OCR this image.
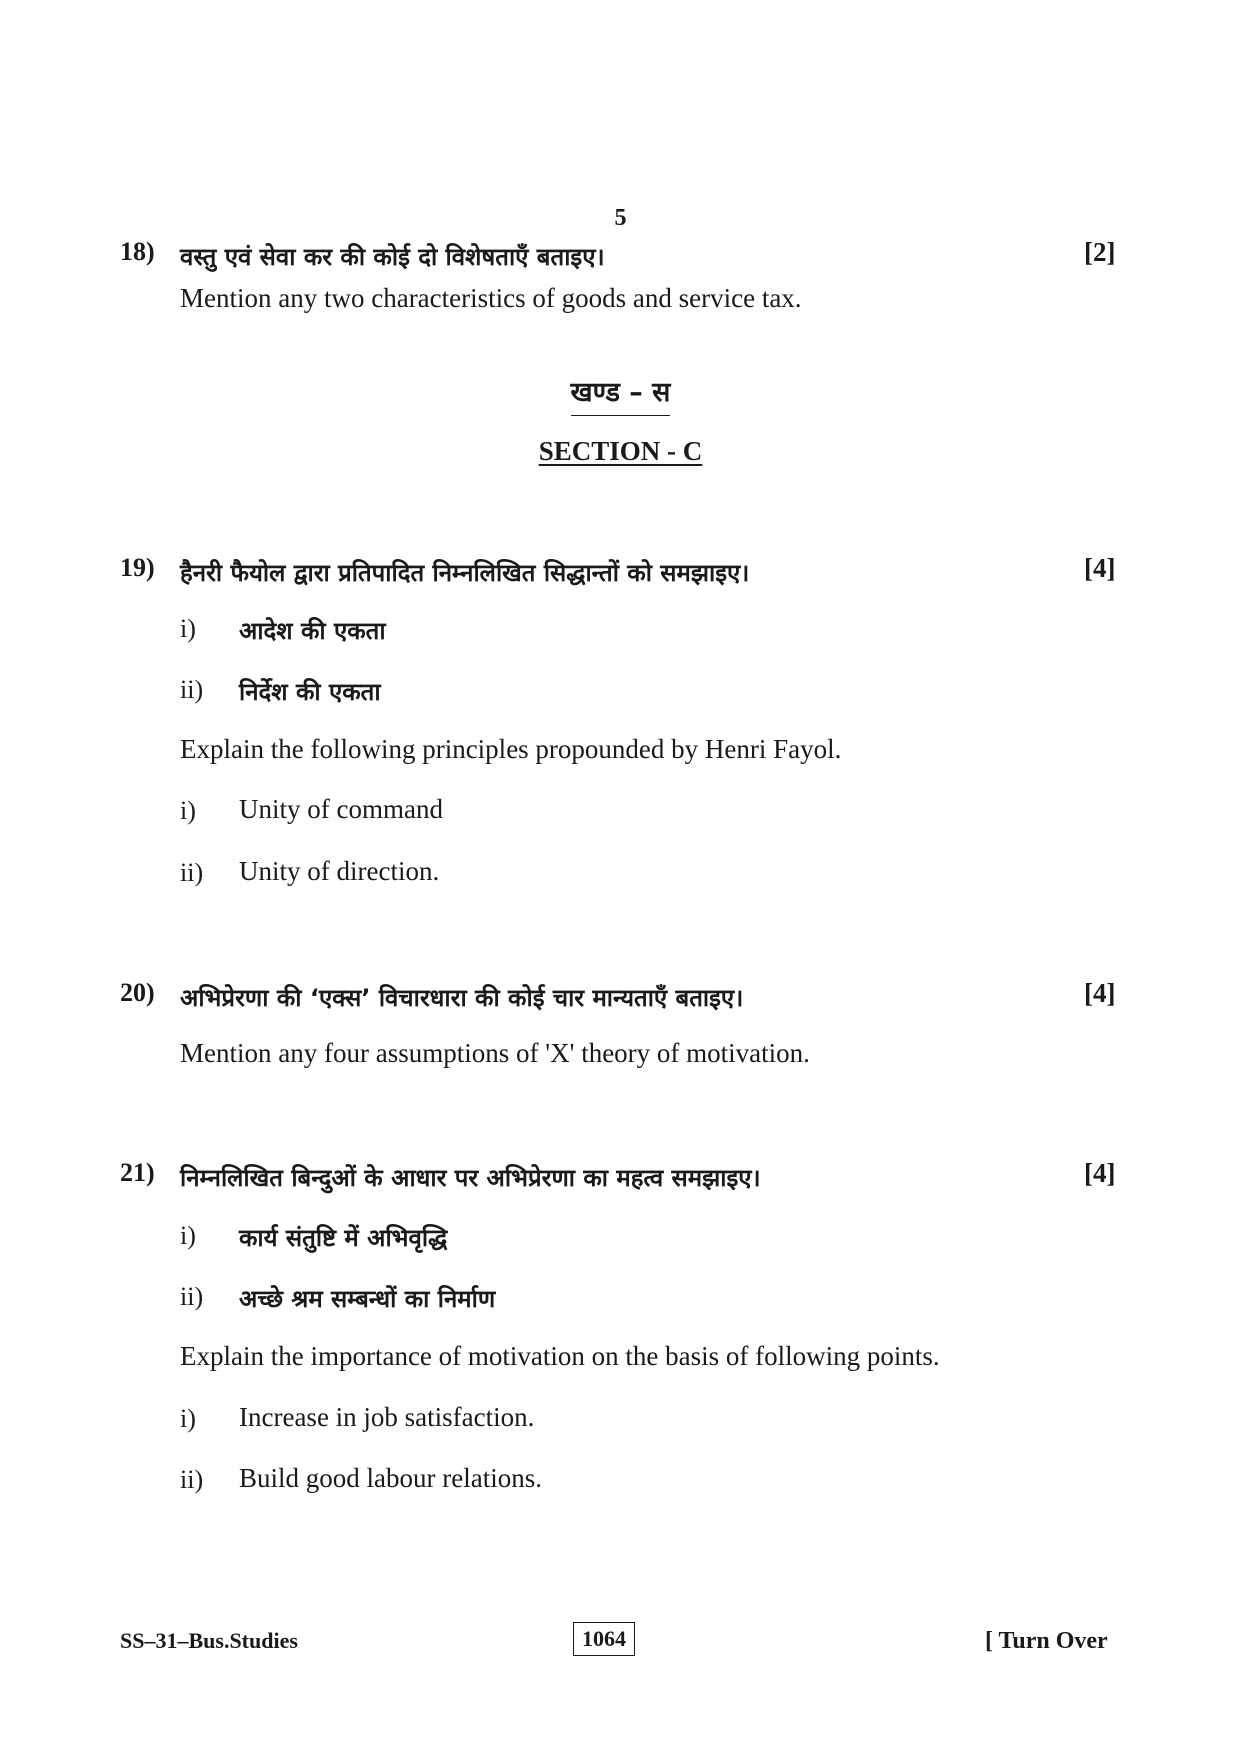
5
18) वस्तु एवं सेवा कर की कोई दो विशेषताएँ बताइए।	[2]
Mention any two characteristics of goods and service tax.
खण्ड – स
SECTION - C
19) हैनरी फैयोल द्वारा प्रतिपादित निम्नलिखित सिद्धान्तों को समझाइए।	[4]
i) आदेश की एकता
ii) निर्देश की एकता
Explain the following principles propounded by Henri Fayol.
i) Unity of command
ii) Unity of direction.
20) अभिप्रेरणा की ‘एक्स’ विचारधारा की कोई चार मान्यताएँ बताइए।	[4]
Mention any four assumptions of 'X' theory of motivation.
21) निम्नलिखित बिन्दुओं के आधार पर अभिप्रेरणा का महत्व समझाइए।	[4]
i) कार्य संतुष्टि में अभिवृद्धि
ii) अच्छे श्रम सम्बन्धों का निर्माण
Explain the importance of motivation on the basis of following points.
i) Increase in job satisfaction.
ii) Build good labour relations.
SS–31–Bus.Studies	1064	[ Turn Over
